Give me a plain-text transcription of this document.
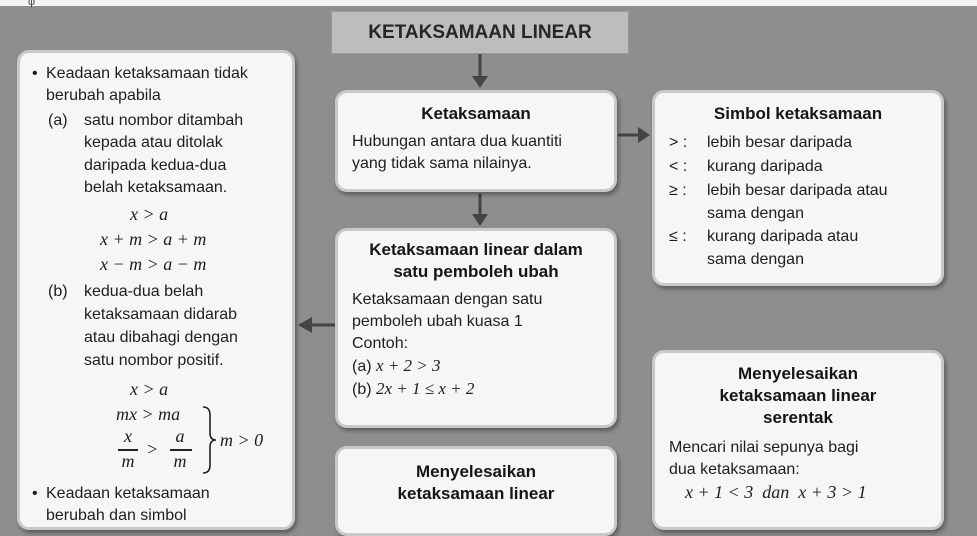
φ
KETAKSAMAAN LINEAR
• Keadaan ketaksamaan tidak
berubah apabila
(a) satu nombor ditambah
kepada atau ditolak
daripada kedua-dua
belah ketaksamaan.
x > a
x + m > a + m
x − m > a − m
(b) kedua-dua belah
ketaksamaan didarab
atau dibahagi dengan
satu nombor positif.
x > a
mx > ma
x
m
>
a
m
m > 0
• Keadaan ketaksamaan
berubah dan simbol
Ketaksamaan
Hubungan antara dua kuantiti
yang tidak sama nilainya.
Simbol ketaksamaan
> :	lebih besar daripada
< :	kurang daripada
≥ :	lebih besar daripada atau
sama dengan
≤ :	kurang daripada atau
sama dengan
Ketaksamaan linear dalam
satu pemboleh ubah
Ketaksamaan dengan satu
pemboleh ubah kuasa 1
Contoh:
(a) x + 2 > 3
(b) 2x + 1 ≤ x + 2
Menyelesaikan
ketaksamaan linear
Menyelesaikan
ketaksamaan linear
serentak
Mencari nilai sepunya bagi
dua ketaksamaan:
x + 1 < 3  dan  x + 3 > 1
